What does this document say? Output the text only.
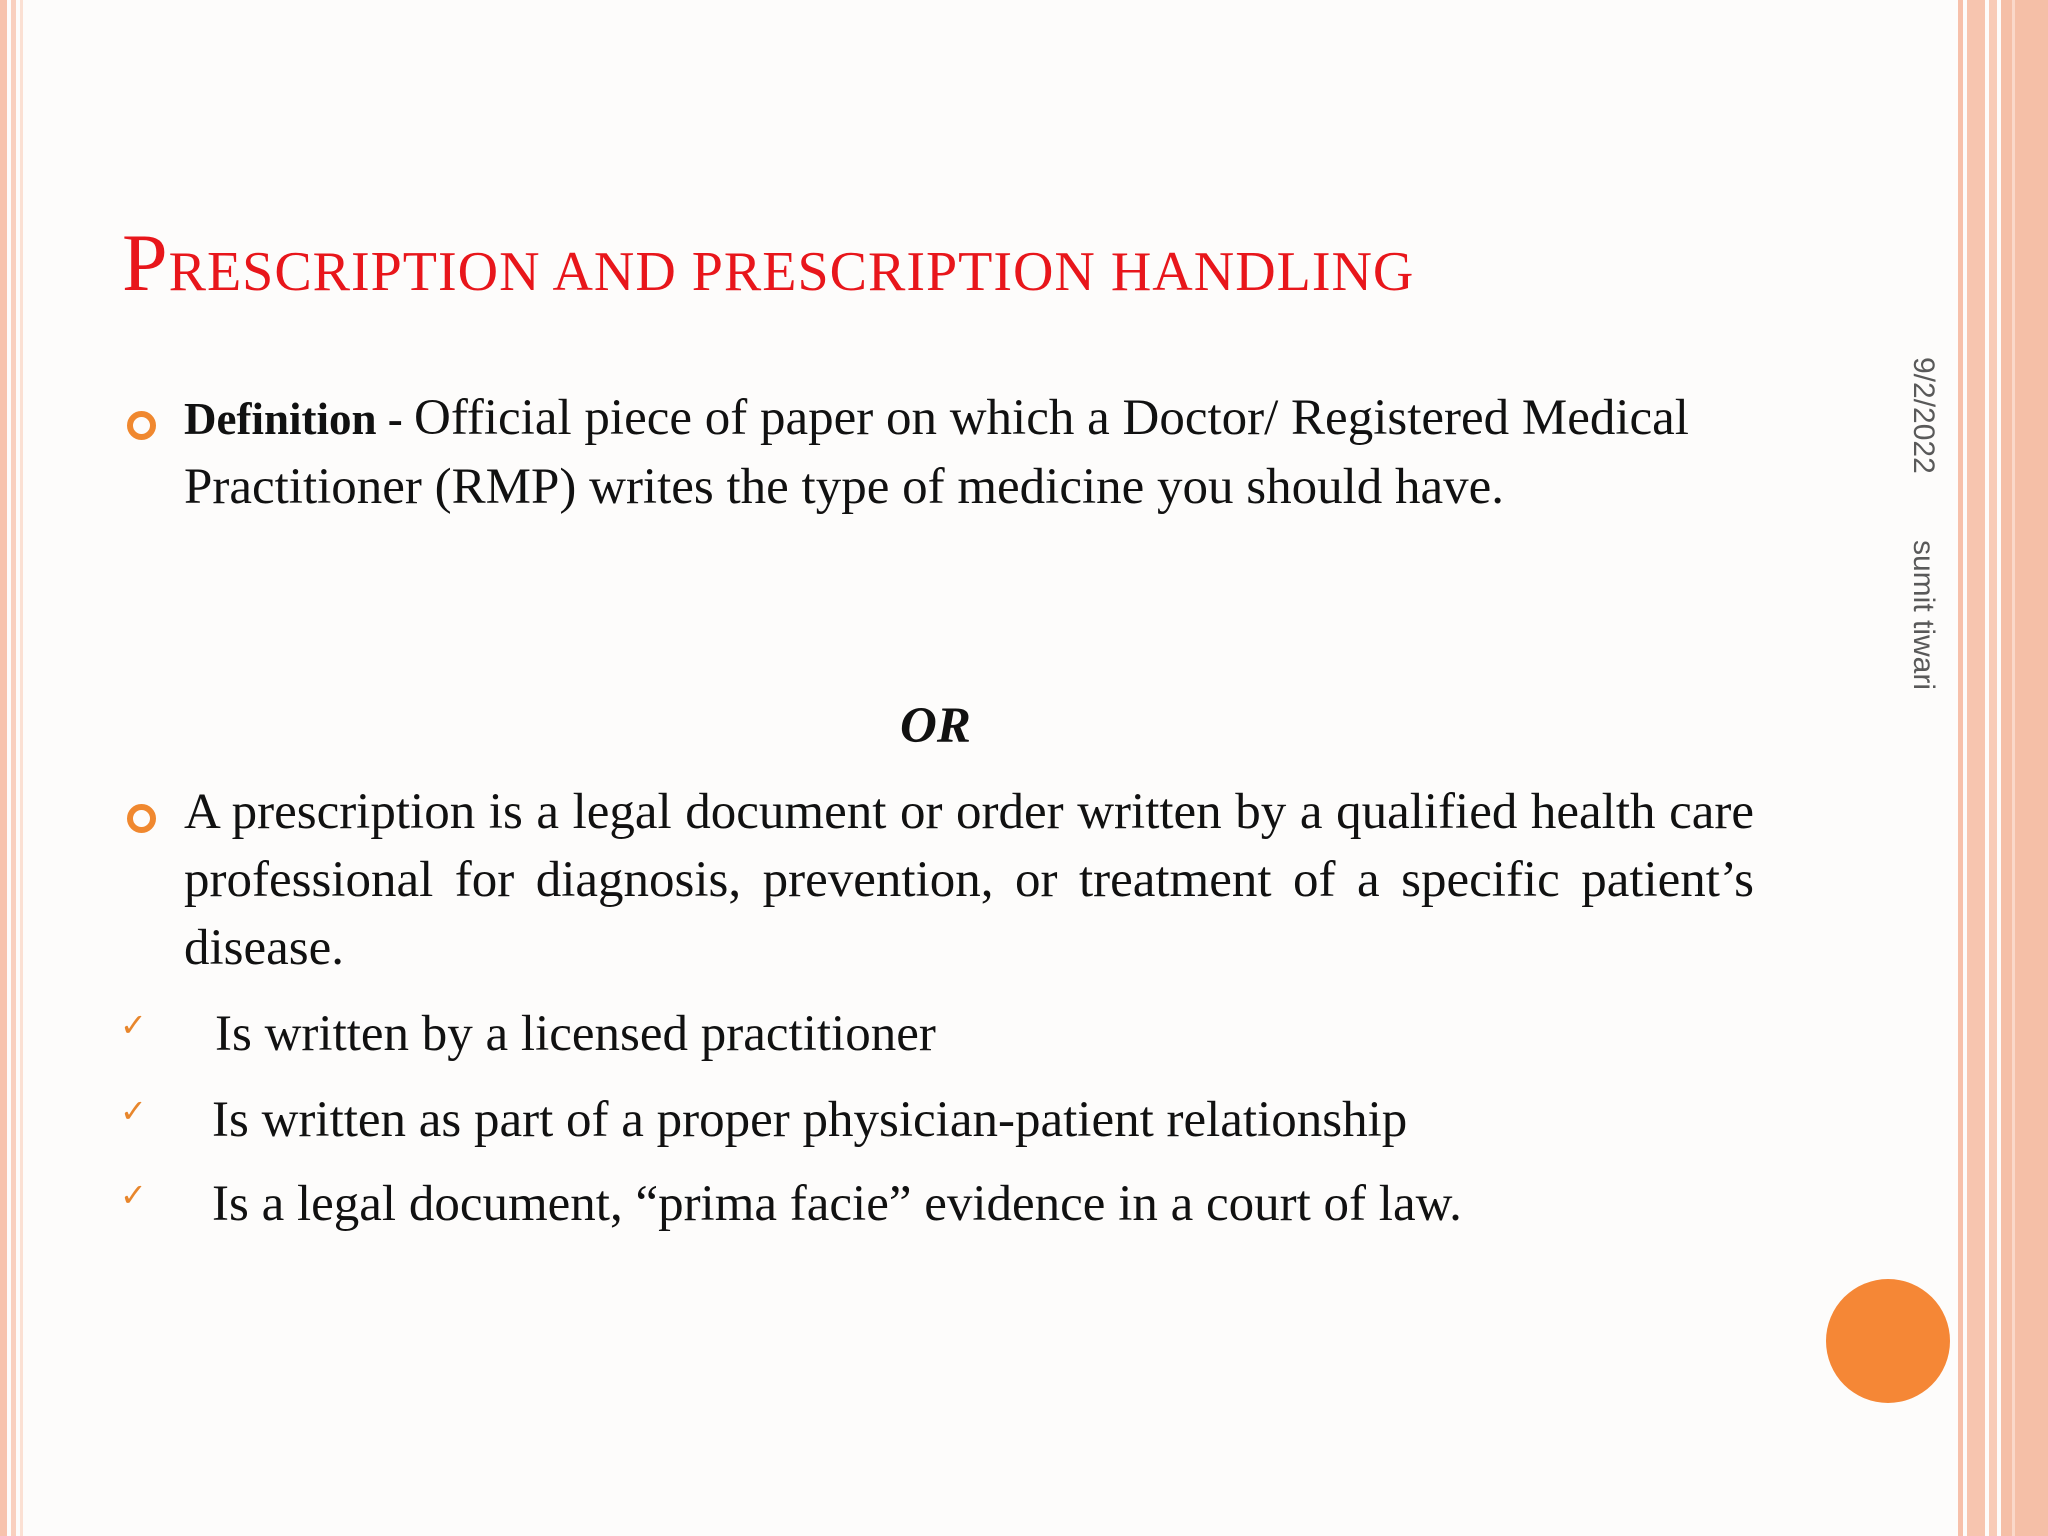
PRESCRIPTION AND PRESCRIPTION HANDLING
9/2/2022
sumit tiwari

Definition - Official piece of paper on which a Doctor/ Registered Medical Practitioner (RMP) writes the type of medicine you should have.

OR

A prescription is a legal document or order written by a qualified health care professional for diagnosis, prevention, or treatment of a specific patient’s disease.

✓ Is written by a licensed practitioner
✓ Is written as part of a proper physician-patient relationship
✓ Is a legal document, “prima facie” evidence in a court of law.
